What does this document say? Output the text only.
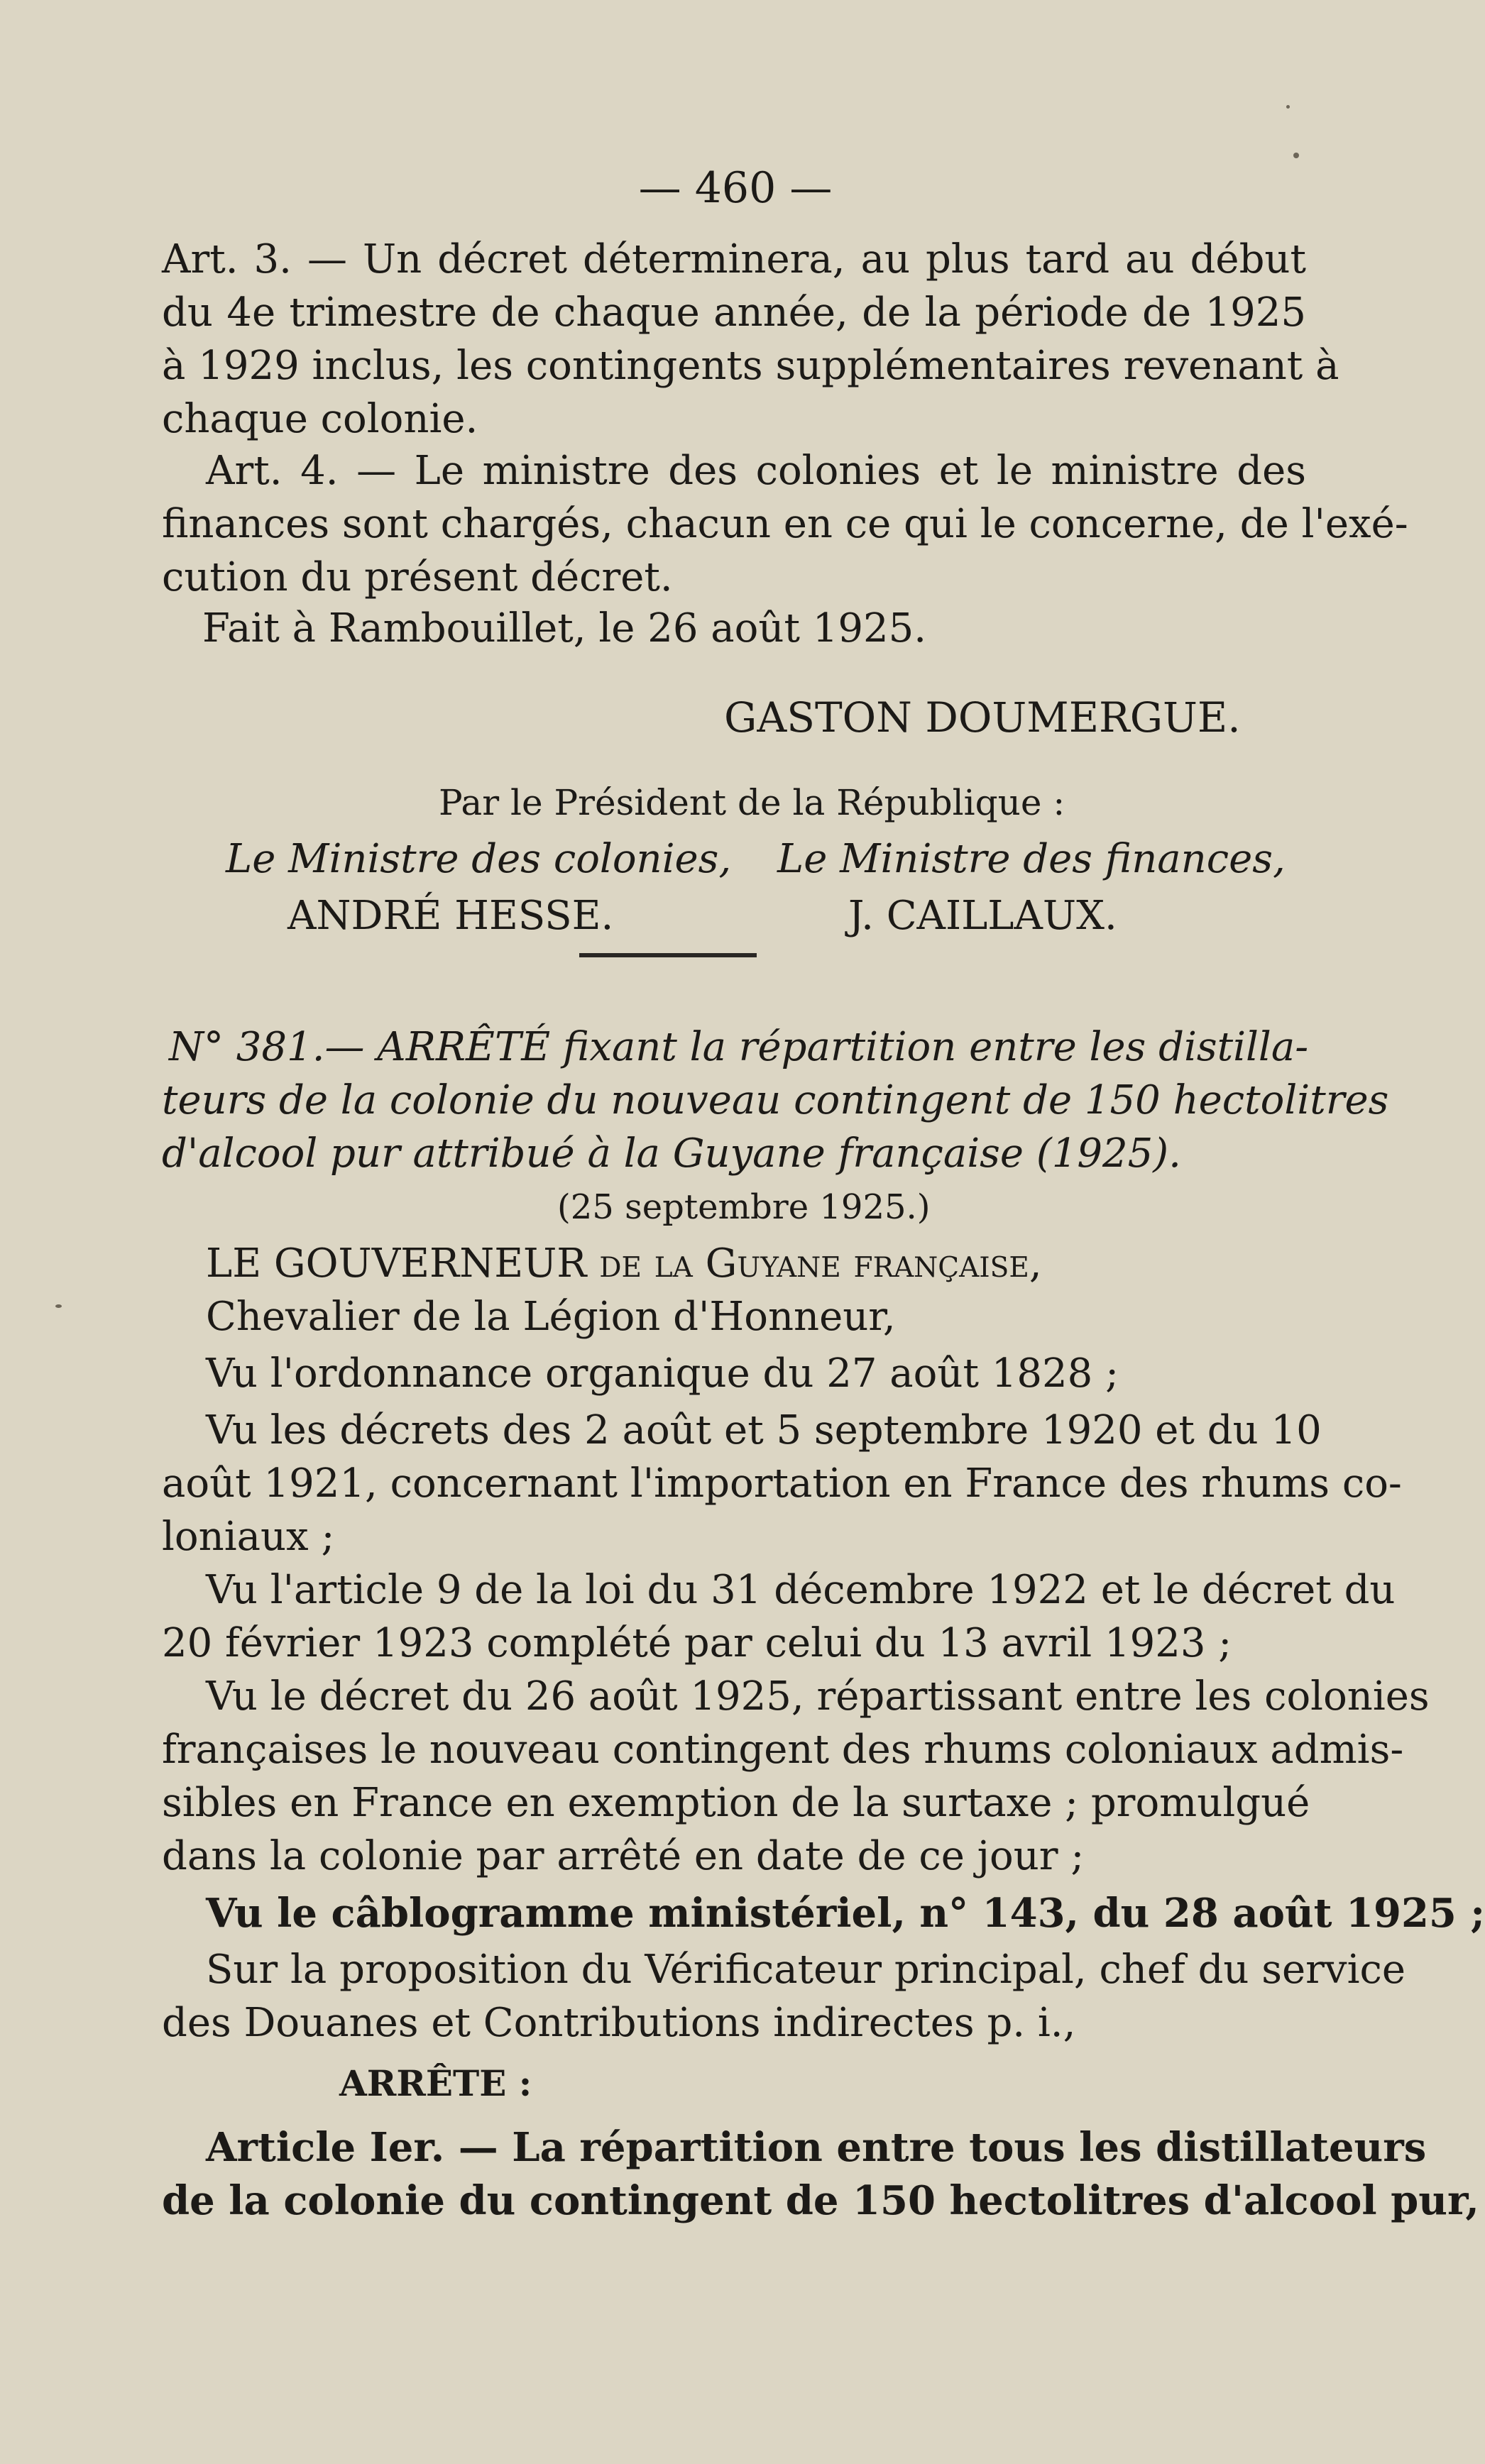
— 460 —
Art. 3. — Un décret déterminera, au plus tard au début
du 4e trimestre de chaque année, de la période de 1925
à 1929 inclus, les contingents supplémentaires revenant à
chaque colonie.
Art. 4. — Le ministre des colonies et le ministre des
finances sont chargés, chacun en ce qui le concerne, de l'exé-
cution du présent décret.
Fait à Rambouillet, le 26 août 1925.
GASTON DOUMERGUE.
Par le Président de la République :
Le Ministre des colonies, Le Ministre des finances,
ANDRÉ HESSE.	J. CAILLAUX.
N° 381.— ARRÊTÉ fixant la répartition entre les distilla-
teurs de la colonie du nouveau contingent de 150 hectolitres
d'alcool pur attribué à la Guyane française (1925).
(25 septembre 1925.)
LE GOUVERNEUR de la Guyane française,
Chevalier de la Légion d'Honneur,
Vu l'ordonnance organique du 27 août 1828 ;
Vu les décrets des 2 août et 5 septembre 1920 et du 10
août 1921, concernant l'importation en France des rhums co-
loniaux ;
Vu l'article 9 de la loi du 31 décembre 1922 et le décret du
20 février 1923 complété par celui du 13 avril 1923 ;
Vu le décret du 26 août 1925, répartissant entre les colonies
françaises le nouveau contingent des rhums coloniaux admis-
sibles en France en exemption de la surtaxe ; promulgué
dans la colonie par arrêté en date de ce jour ;
Vu le câblogramme ministériel, n° 143, du 28 août 1925 ;
Sur la proposition du Vérificateur principal, chef du service
des Douanes et Contributions indirectes p. i.,
ARRÊTE :
Article Ier. — La répartition entre tous les distillateurs
de la colonie du contingent de 150 hectolitres d'alcool pur,
